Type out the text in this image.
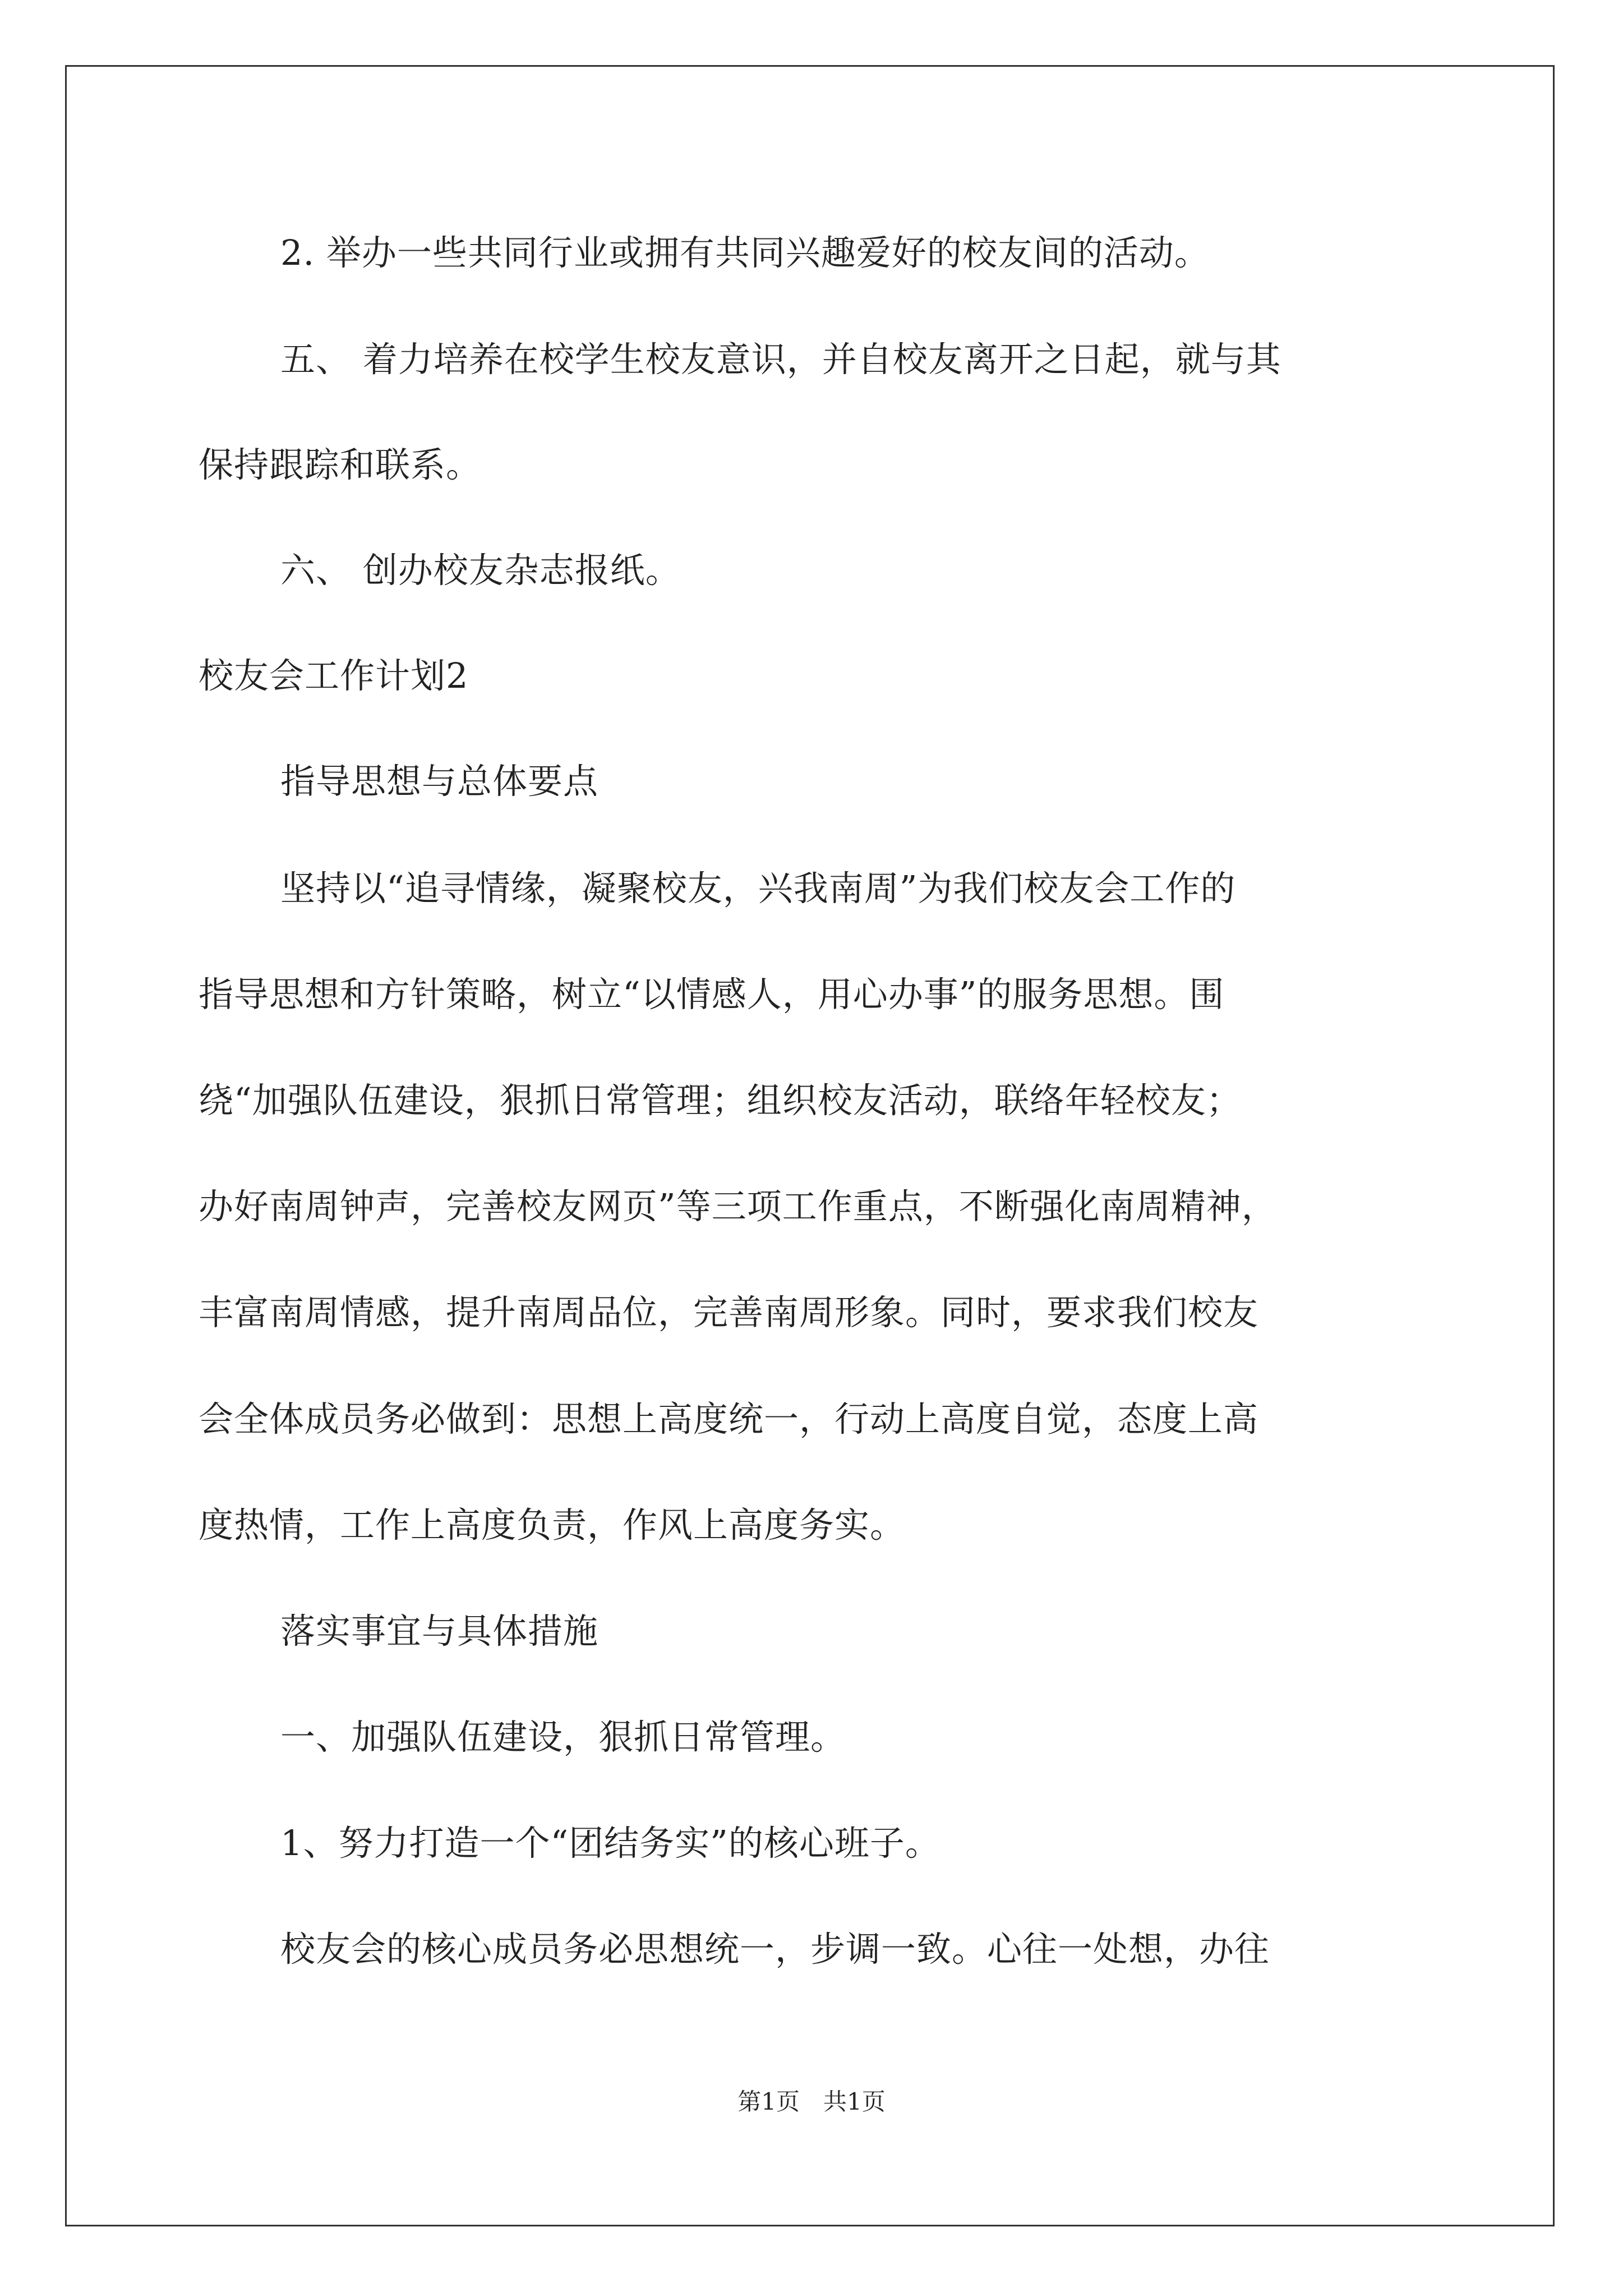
2. 举办一些共同行业或拥有共同兴趣爱好的校友间的活动。
五、 着力培养在校学生校友意识，并自校友离开之日起，就与其
保持跟踪和联系。
六、 创办校友杂志报纸。
校友会工作计划2
指导思想与总体要点
坚持以“追寻情缘，凝聚校友，兴我南周”为我们校友会工作的
指导思想和方针策略，树立“以情感人，用心办事”的服务思想。围
绕“加强队伍建设，狠抓日常管理；组织校友活动，联络年轻校友；
办好南周钟声，完善校友网页”等三项工作重点，不断强化南周精神，
丰富南周情感，提升南周品位，完善南周形象。同时，要求我们校友
会全体成员务必做到：思想上高度统一，行动上高度自觉，态度上高
度热情，工作上高度负责，作风上高度务实。
落实事宜与具体措施
一、加强队伍建设，狠抓日常管理。
1、努力打造一个“团结务实”的核心班子。
校友会的核心成员务必思想统一，步调一致。心往一处想，办往
第1页　共1页
